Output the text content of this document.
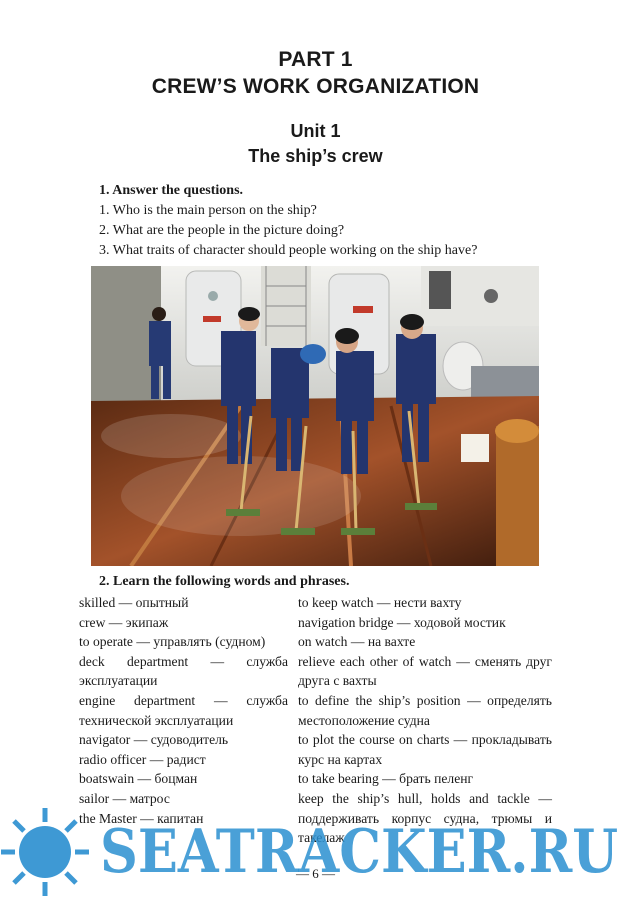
PART 1
CREW’S WORK ORGANIZATION
Unit 1
The ship’s crew
1. Answer the questions.
1. Who is the main person on the ship?
2. What are the people in the picture doing?
3. What traits of character should people working on the ship have?
2. Learn the following words and phrases.

skilled — опытный

crew — экипаж

to operate — управлять (судном)

deck department — служба эксплуатации

engine department — служба технической эксплуатации

navigator — судоводитель

radio officer — радист

boatswain — боцман

sailor — матрос

the Master — капитан

to keep watch — нести вахту

navigation bridge — ходовой мостик

on watch — на вахте

relieve each other of watch — сменять друг друга с вахты

to define the ship’s position — определять местоположение судна

to plot the course on charts — прокладывать курс на картах

to take bearing — брать пеленг

keep the ship’s hull, holds and tackle — поддерживать корпус судна, трюмы и такелаж

SEATRACKER.RU
— 6 —
